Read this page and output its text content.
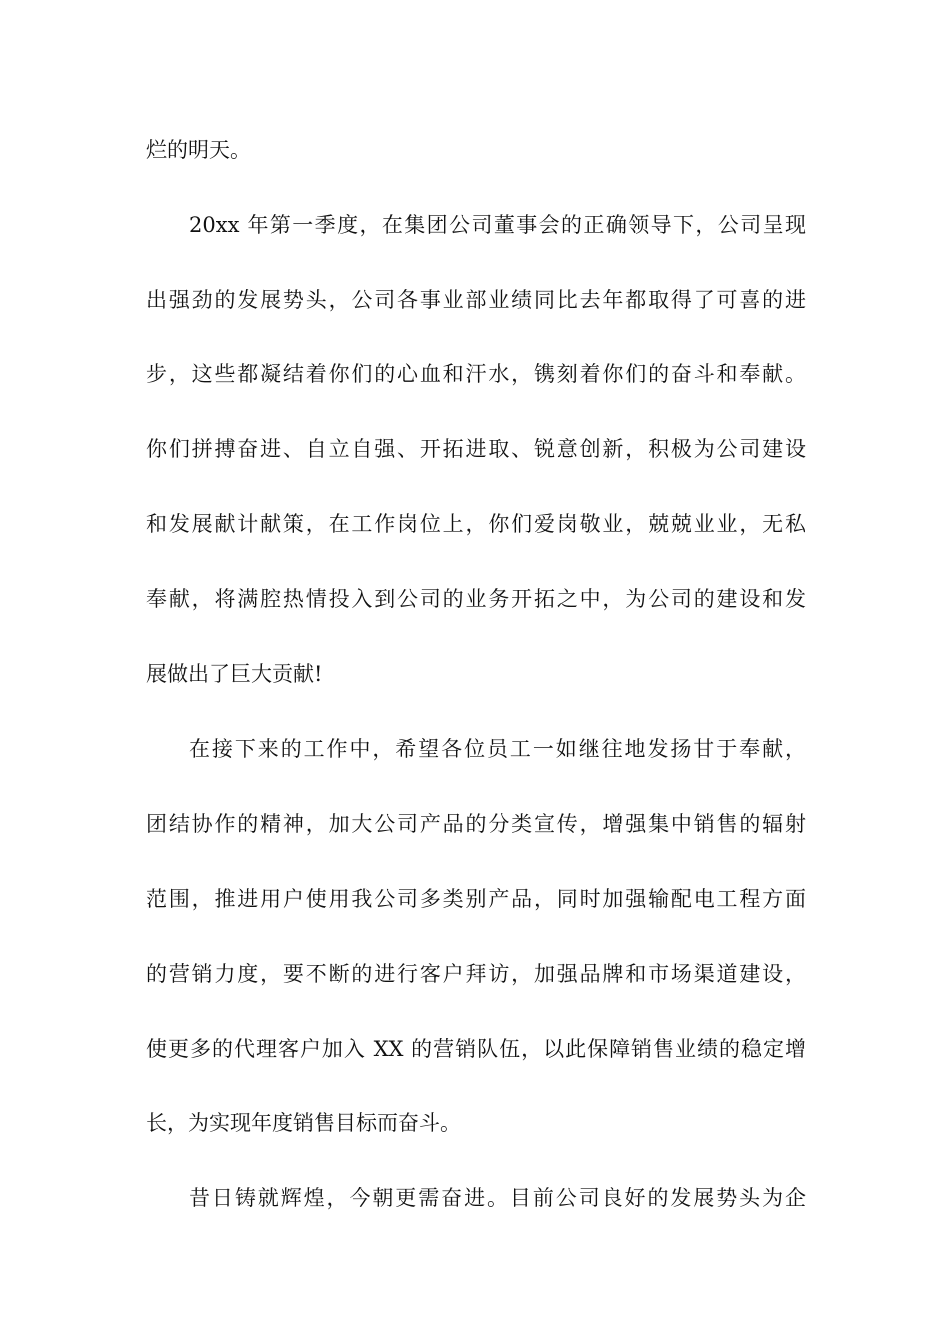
烂的明天。
20xx 年第一季度，在集团公司董事会的正确领导下，公司呈现
出强劲的发展势头，公司各事业部业绩同比去年都取得了可喜的进
步，这些都凝结着你们的心血和汗水，镌刻着你们的奋斗和奉献。
你们拼搏奋进、自立自强、开拓进取、锐意创新，积极为公司建设
和发展献计献策，在工作岗位上，你们爱岗敬业，兢兢业业，无私
奉献，将满腔热情投入到公司的业务开拓之中，为公司的建设和发
展做出了巨大贡献!
在接下来的工作中，希望各位员工一如继往地发扬甘于奉献，
团结协作的精神，加大公司产品的分类宣传，增强集中销售的辐射
范围，推进用户使用我公司多类别产品，同时加强输配电工程方面
的营销力度，要不断的进行客户拜访，加强品牌和市场渠道建设，
使更多的代理客户加入 XX 的营销队伍，以此保障销售业绩的稳定增
长，为实现年度销售目标而奋斗。
昔日铸就辉煌，今朝更需奋进。目前公司良好的发展势头为企
